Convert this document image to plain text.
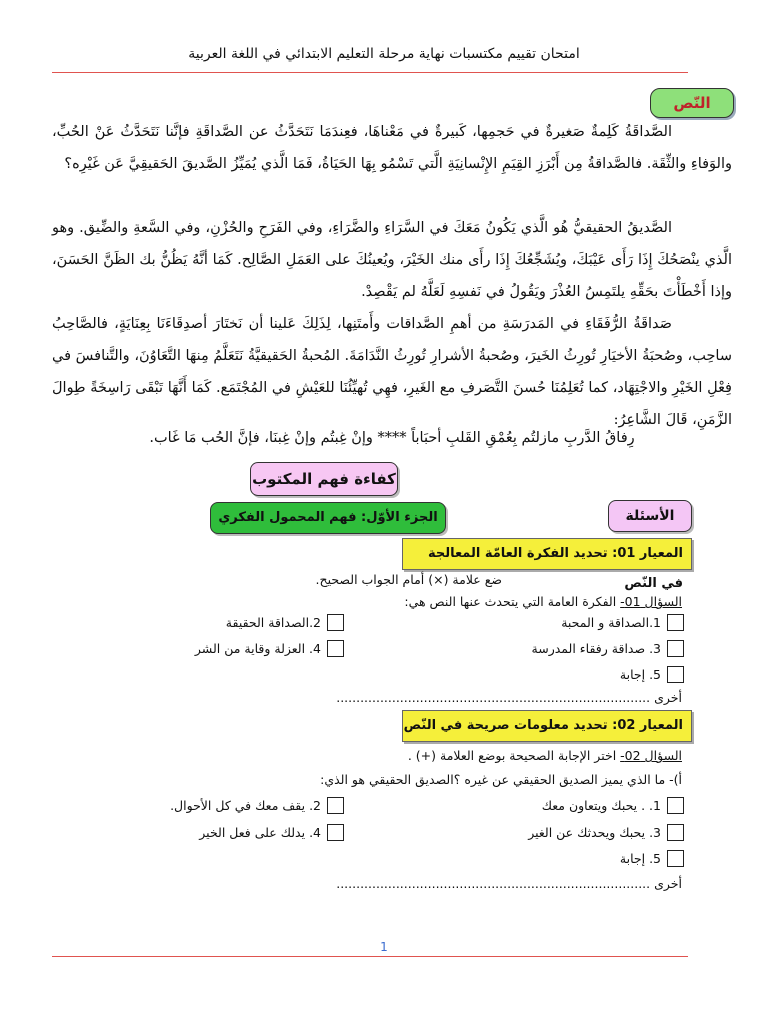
امتحان تقييم مكتسبات نهاية مرحلة التعليم الابتدائي في اللغة العربية
النّص
الصَّداقَةُ كَلِمةٌ صَغيرةٌ في حَجمِها، كَبيرةٌ في مَعْناهَا، فعِندَمَا نَتَحَدَّثُ عن الصَّداقَةِ فإنَّنا نَتَحَدَّثُ عَنْ الحُبِّ، والوَفاءِ والثِّقَة. فالصَّداقةُ مِن أَبْرَزِ القِيَمِ الإِنْسانِيَةِ الَّتي تَسْمُو بِهَا الحَيَاةُ، فَمَا الَّذي يُمَيِّزُ الصَّديقَ الحَقيقِيَّ عَن غَيْرِه؟
الصَّديقُ الحقيقيُّ هُو الَّذي يَكُونُ مَعَكَ في السَّرَاءِ والضَّرَاءِ، وفي الفَرَحِ والحُزْنِ، وفي السَّعةِ والضِّيق. وهو الَّذي ينْصَحُكَ إِذَا رَأَى عَيْبَكَ، ويُشَجِّعُكَ إِذَا رأَى منك الخَيْرَ، ويُعينُكَ على العَمَلِ الصَّالِح. كَمَا أنَّهُ يَظُنُّ بك الظَنَّ الحَسَنَ، وإذا أَخْطَأْتَ بحَقِّهِ يلتَمِسُ العُذْرَ ويَقُولُ في نَفسِهِ لَعَلَّهُ لم يَقْصِدْ.
صَداقَةُ الرُّفَقَاءِ في المَدرَسَةِ من أهمِ الصَّداقات وأَمتَنِها، لِذَلِكَ عَلينا أن نَختَارَ أصدِقَاءَنَا بِعِنَايَةٍ، فالصَّاحِبُ ساحِب، وصُحبَةُ الأخيَارِ تُورِثُ الخَيرَ، وصُحبةُ الأشرارِ تُورِثُ النَّدَامَةَ. المُحبةُ الحَقيقيَّةُ نَتَعَلَّمُ مِنهَا التَّعَاوُنَ، والتَّنافسَ في فِعْلِ الخَيْرِ والاجْتِهَاد، كما تُعَلِمُنَا حُسنَ التَّصَرفِ مع الغَيرِ، فهِي تُهيِّئُنَا للعَيْشِ في المُجْتَمَع. كَمَا أَنَّهَا تَبْقَى رَاسِخَةً طِوالَ الزَّمَنِ، قَالَ الشَّاعِرُ:
رِفاقُ الدَّربِ مازلتُم بِعُمْقِ القَلبِ أحبَاباً **** وإنْ غِبتُم وإنْ غِبنَا، فإنَّ الحُب مَا غَاب.
كفاءة فهم المكتوب
الجزء الأوّل: فهم المحمول الفكري	الأسئلة
المعيار 01: تحديد الفكرة العامّة المعالجة في النّص
ضع علامة (×) أمام الجواب الصحيح.
السؤال 01- الفكرة العامة التي يتحدث عنها النص هي:
1.الصداقة و المحبة
2.الصداقة الحقيقة
3. صداقة رفقاء المدرسة
4. العزلة وقاية من الشر
5. إجابة
أخرى ...............................................................................
المعيار 02: تحديد معلومات صريحة في النّص
السؤال 02- اختر الإجابة الصحيحة بوضع العلامة (+) .
أ)- ما الذي يميز الصديق الحقيقي عن غيره ؟الصديق الحقيقي هو الذي:
1. . يحبك ويتعاون معك
2. يقف معك في كل الأحوال.
3. يحبك ويحدثك عن الغير
4. يدلك على فعل الخير
5. إجابة
أخرى ...............................................................................
1
